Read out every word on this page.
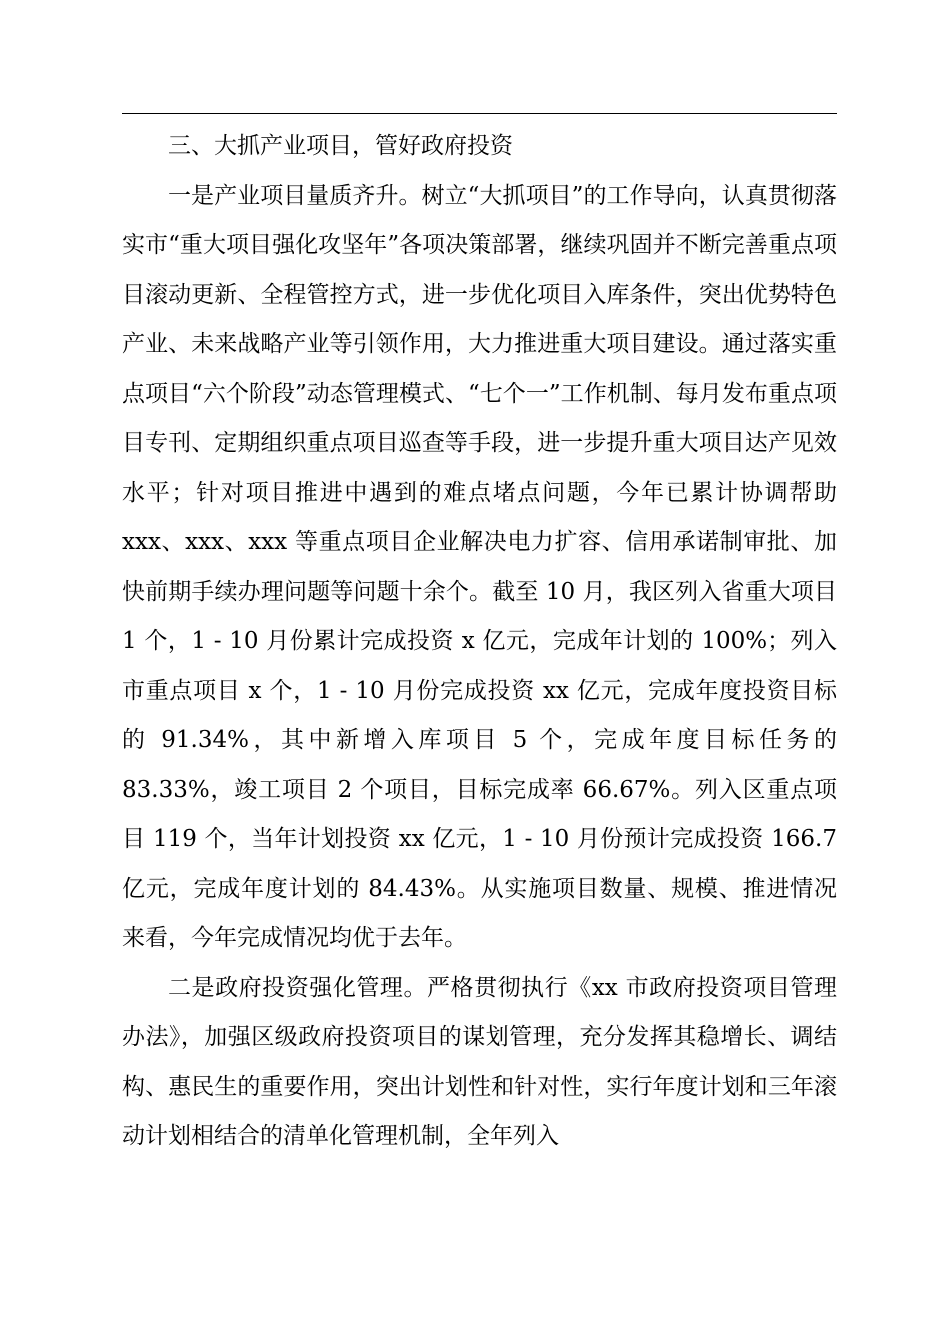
三、大抓产业项目，管好政府投资

一是产业项目量质齐升。树立“大抓项目”的工作导向，认真贯彻落实市“重大项目强化攻坚年”各项决策部署，继续巩固并不断完善重点项目滚动更新、全程管控方式，进一步优化项目入库条件，突出优势特色产业、未来战略产业等引领作用，大力推进重大项目建设。通过落实重点项目“六个阶段”动态管理模式、“七个一”工作机制、每月发布重点项目专刊、定期组织重点项目巡查等手段，进一步提升重大项目达产见效水平；针对项目推进中遇到的难点堵点问题，今年已累计协调帮助 xxx、xxx、xxx 等重点项目企业解决电力扩容、信用承诺制审批、加快前期手续办理问题等问题十余个。截至 10 月，我区列入省重大项目 1 个，1 - 10 月份累计完成投资 x 亿元，完成年计划的 100%；列入市重点项目 x 个，1 - 10 月份完成投资 xx 亿元，完成年度投资目标的 91.34%，其中新增入库项目 5 个，完成年度目标任务的 83.33%，竣工项目 2 个项目，目标完成率 66.67%。列入区重点项目 119 个，当年计划投资 xx 亿元，1 - 10 月份预计完成投资 166.7 亿元，完成年度计划的 84.43%。从实施项目数量、规模、推进情况来看，今年完成情况均优于去年。

二是政府投资强化管理。严格贯彻执行《xx 市政府投资项目管理办法》，加强区级政府投资项目的谋划管理，充分发挥其稳增长、调结构、惠民生的重要作用，突出计划性和针对性，实行年度计划和三年滚动计划相结合的清单化管理机制，全年列入
